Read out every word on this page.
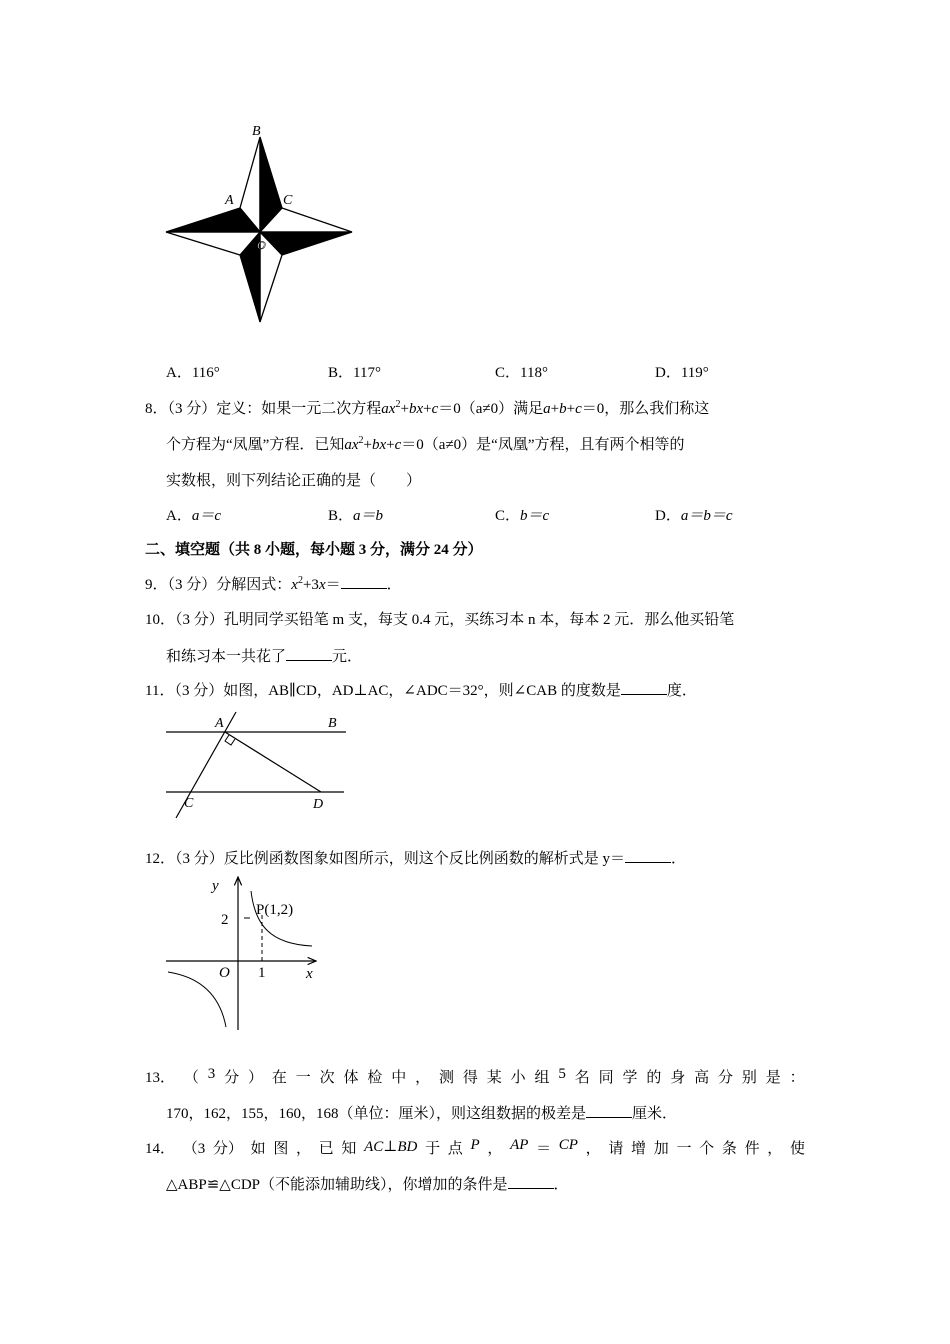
B
A	C
O
A．116°	B．117°	C．118°	D．119°
8．（3 分）定义：如果一元二次方程$ax^2+bx+c=0(a\ne 0)$满足a+b+c＝0，那么我们称这
个方程为“凤凰”方程．已知$ax^2+bx+c=0(a\ne 0)$是“凤凰”方程，且有两个相等的
实数根，则下列结论正确的是（　　）
A．a＝c	B．a＝b	C．b＝c	D．a＝b＝c
二、填空题（共 8 小题，每小题 3 分，满分 24 分）
9．（3 分）分解因式：$x^2+3x=$	．
10．（3 分）孔明同学买铅笔 m 支，每支 0.4 元，买练习本 n 本，每本 2 元．那么他买铅笔
和练习本一共花了	元．
11．（3 分）如图，AB∥CD，AD⊥AC，∠ADC＝32°，则∠CAB 的度数是	度．
A	B
C	D
12．（3 分）反比例函数图象如图所示，则这个反比例函数的解析式是 y＝	．
y
x
O 1
2
P(1,2)
13． （ 3 分 ） 在 一 次 体 检 中 ， 测 得 某 小 组 5 名 同 学 的 身 高 分 别 是 ：
170，162，155，160，168（单位：厘米），则这组数据的极差是	厘米．
14． （3 分） 如 图 ， 已 知 AC⊥BD 于 点 P ， AP ＝ CP ， 请 增 加 一 个 条 件 ， 使
△ABP≌△CDP（不能添加辅助线），你增加的条件是	．
